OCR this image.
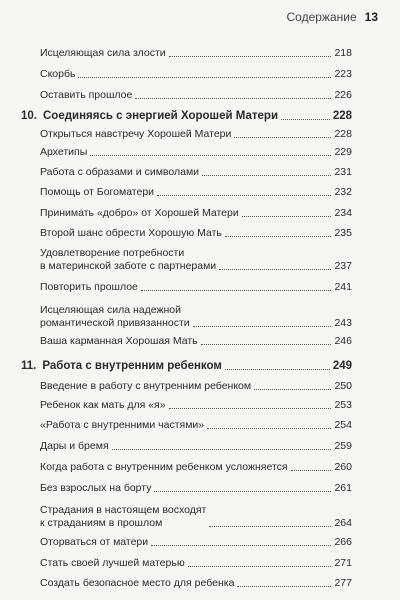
Содержание 13
Исцеляющая сила злости	218
Скорбь	223
Оставить прошлое	226
10. Соединяясь с энергией Хорошей Матери	228
Открыться навстречу Хорошей Матери	228
Архетипы	229
Работа с образами и символами	231
Помощь от Богоматери	232
Принимать «добро» от Хорошей Матери	234
Второй шанс обрести Хорошую Мать	235
Удовлетворение потребности
в материнской заботе с партнерами	237
Повторить прошлое	241
Исцеляющая сила надежной
романтической привязанности	243
Ваша карманная Хорошая Мать	246
11. Работа с внутренним ребенком	249
Введение в работу с внутренним ребенком	250
Ребенок как мать для «я»	253
«Работа с внутренними частями»	254
Дары и бремя	259
Когда работа с внутренним ребенком усложняется	260
Без взрослых на борту	261
Страдания в настоящем восходят
к страданиям в прошлом	264
Оторваться от матери	266
Стать своей лучшей матерью	271
Создать безопасное место для ребенка	277
